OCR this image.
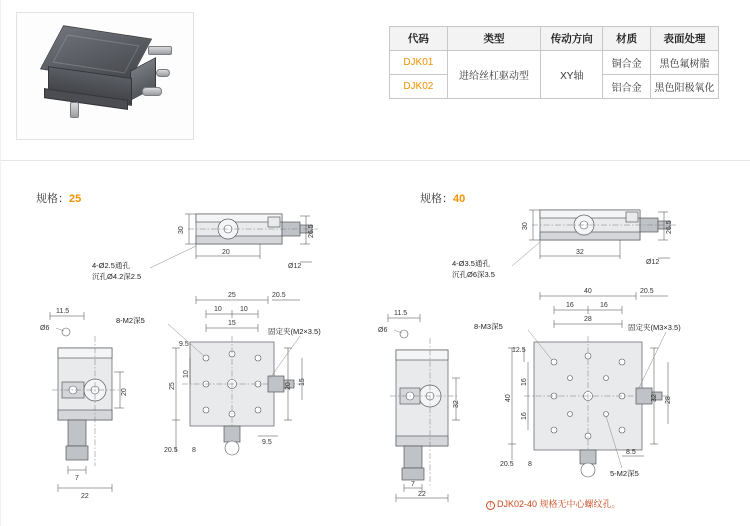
代码	类型	传动方向	材质	表面处理
DJK01	进给丝杠驱动型	XY轴	铜合金	黑色氟树脂
DJK02			铝合金	黑色阳极氧化
规格：25	规格：40
30
20
26.5
Ø12
4-Ø2.5通孔
沉孔Ø4.2深2.5
11.5
Ø6
20
7
22
25	20.5
10	10
15
25
10
20
15
9.5
20.5 8
9.5
8-M2深5
固定夹(M2×3.5)
30
32
26.5
Ø12
4-Ø3.5通孔
沉孔Ø6深3.5
11.5
Ø6
32
7
22
40	20.5
16	16
28
12.5
40
16
16
32 28
8.5
20.5 8
8-M3深5	固定夹(M3×3.5)
5-M2深5
! DJK02-40 规格无中心螺纹孔。
